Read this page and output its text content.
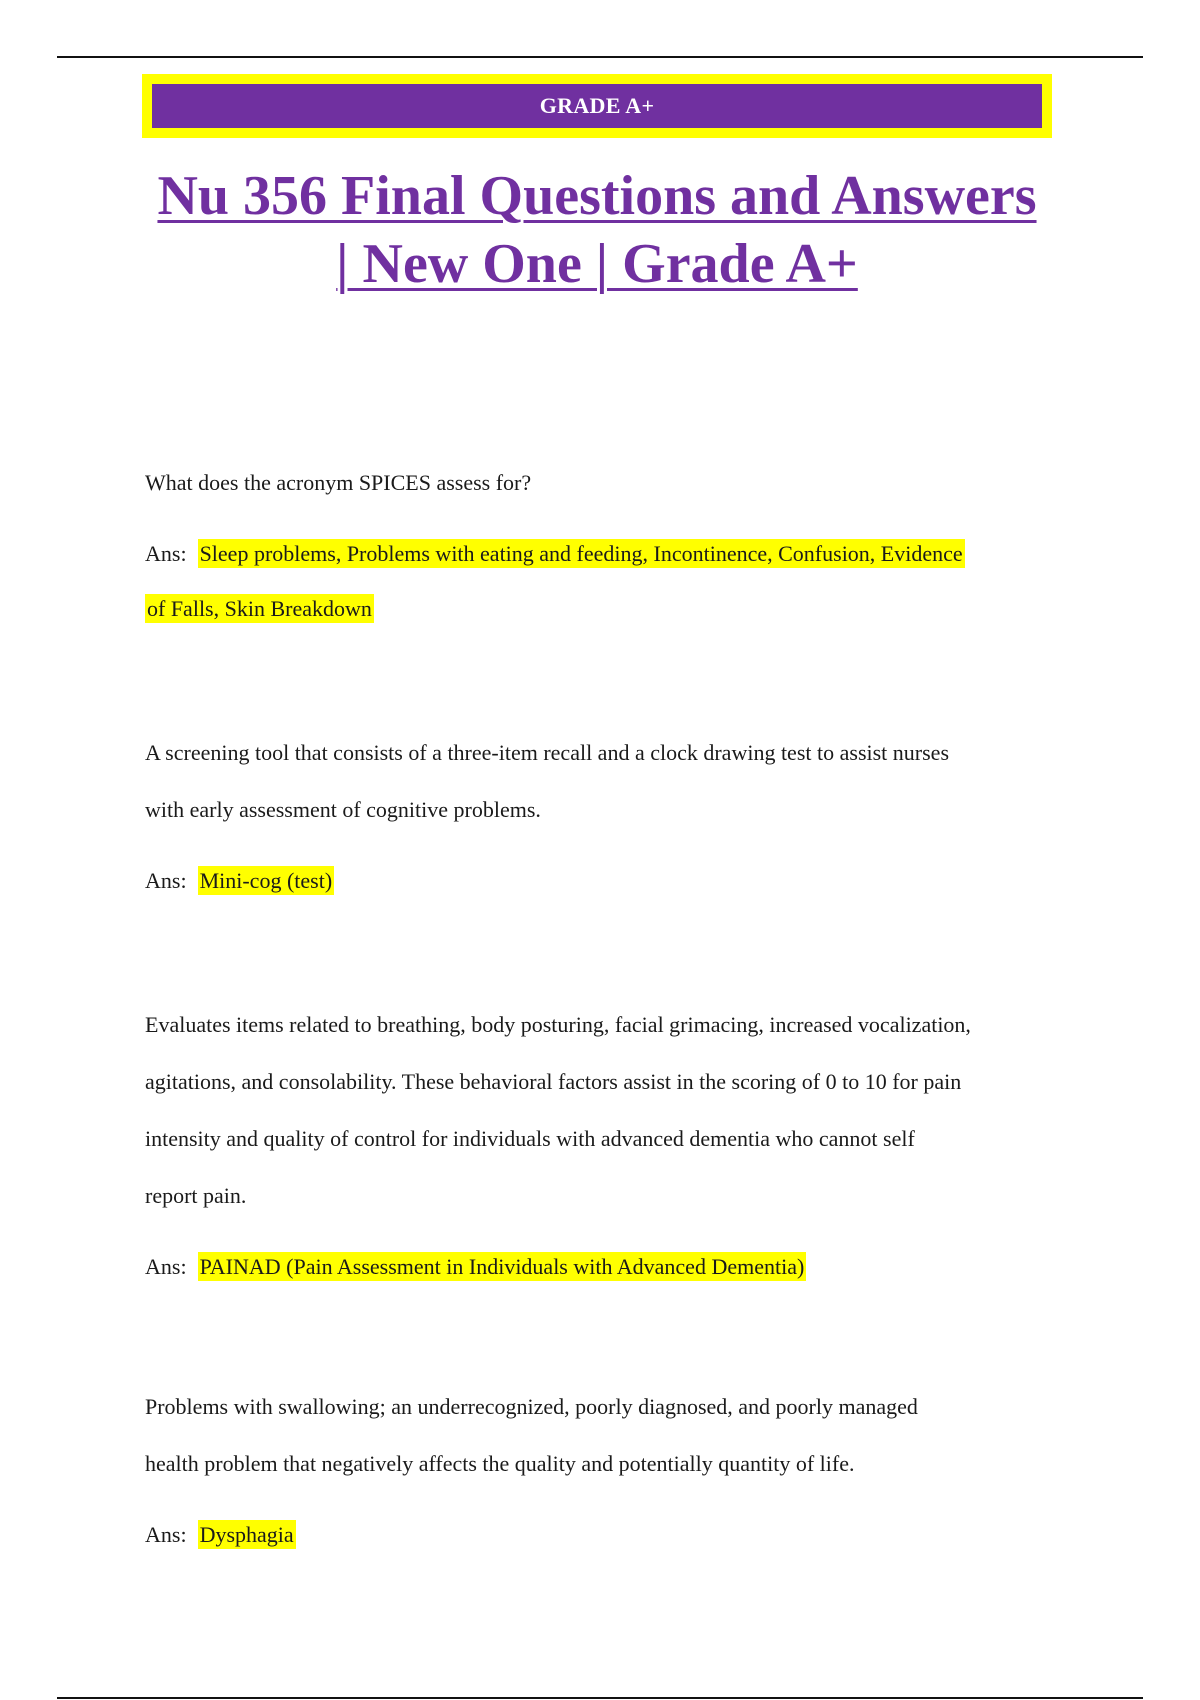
GRADE A+
Nu 356 Final Questions and Answers
| New One | Grade A+

What does the acronym SPICES assess for?

Ans: Sleep problems, Problems with eating and feeding, Incontinence, Confusion, Evidence

of Falls, Skin Breakdown

A screening tool that consists of a three-item recall and a clock drawing test to assist nurses

with early assessment of cognitive problems.

Ans: Mini-cog (test)

Evaluates items related to breathing, body posturing, facial grimacing, increased vocalization,

agitations, and consolability. These behavioral factors assist in the scoring of 0 to 10 for pain

intensity and quality of control for individuals with advanced dementia who cannot self

report pain.

Ans: PAINAD (Pain Assessment in Individuals with Advanced Dementia)

Problems with swallowing; an underrecognized, poorly diagnosed, and poorly managed

health problem that negatively affects the quality and potentially quantity of life.

Ans: Dysphagia
